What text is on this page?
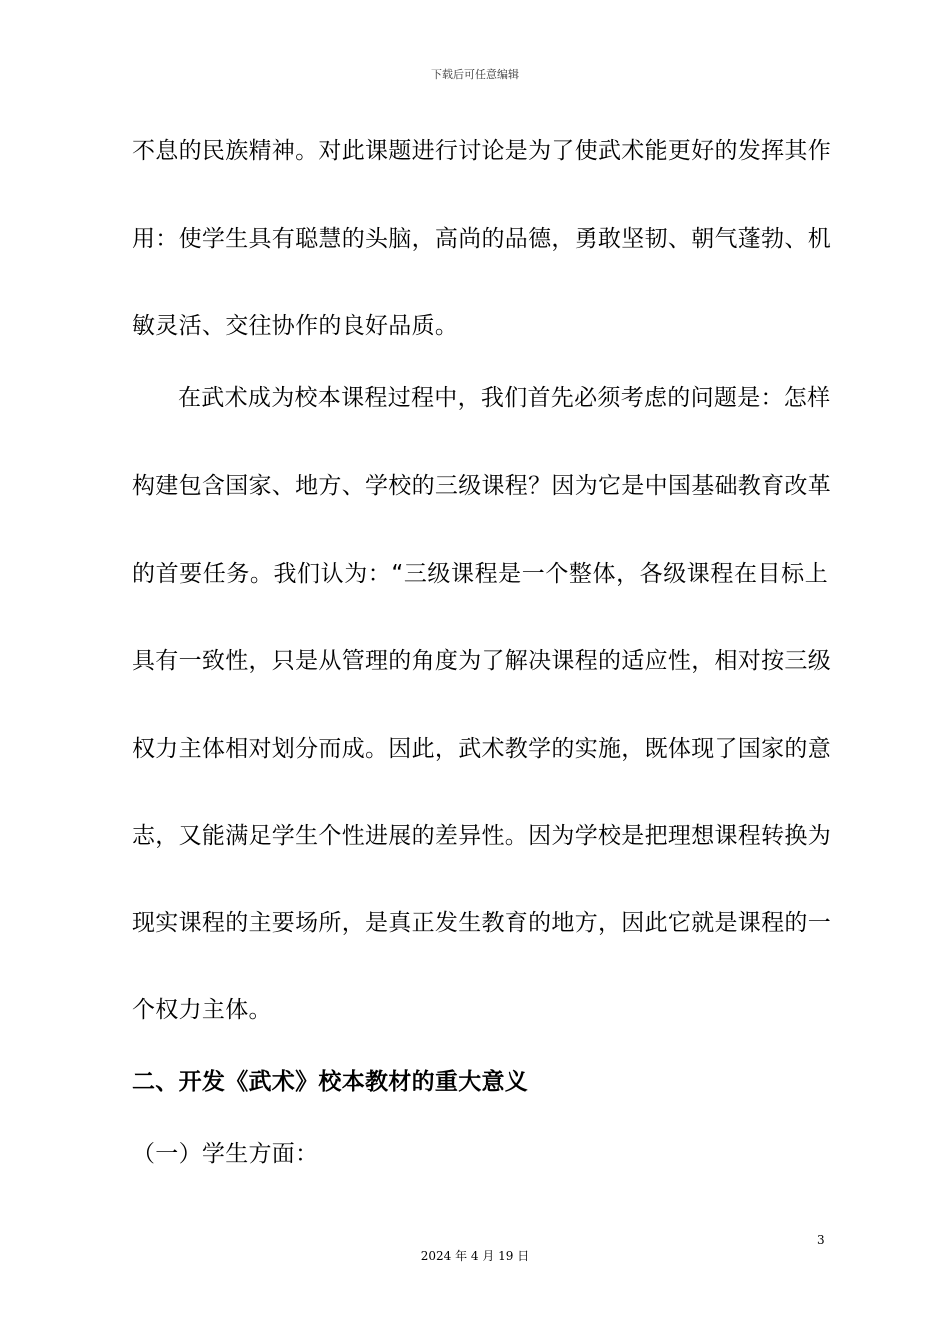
下载后可任意编辑
不息的民族精神。对此课题进行讨论是为了使武术能更好的发挥其作
用：使学生具有聪慧的头脑，高尚的品德，勇敢坚韧、朝气蓬勃、机
敏灵活、交往协作的良好品质。
在武术成为校本课程过程中，我们首先必须考虑的问题是：怎样
构建包含国家、地方、学校的三级课程？因为它是中国基础教育改革
的首要任务。我们认为：“三级课程是一个整体，各级课程在目标上
具有一致性，只是从管理的角度为了解决课程的适应性，相对按三级
权力主体相对划分而成。因此，武术教学的实施，既体现了国家的意
志，又能满足学生个性进展的差异性。因为学校是把理想课程转换为
现实课程的主要场所，是真正发生教育的地方，因此它就是课程的一
个权力主体。
二、开发《武术》校本教材的重大意义
（一）学生方面：
3
2024 年 4 月 19 日
